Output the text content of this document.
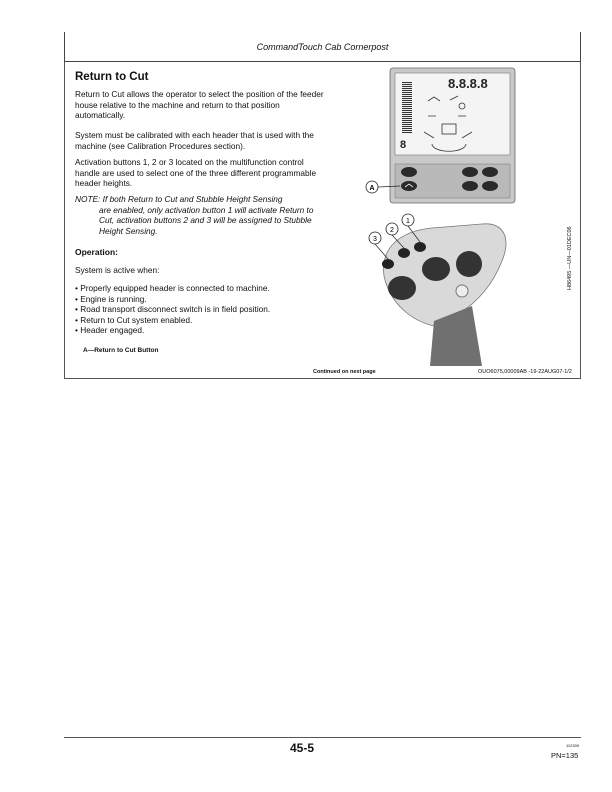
CommandTouch Cab Cornerpost
Return to Cut

Return to Cut allows the operator to select the position of the feeder house relative to the machine and return to that position automatically.

System must be calibrated with each header that is used with the machine (see Calibration Procedures section).

Activation buttons 1, 2 or 3 located on the multifunction control handle are used to select one of the three different programmable header heights.

NOTE: If both Return to Cut and Stubble Height Sensing
are enabled, only activation button 1 will activate Return to Cut, activation buttons 2 and 3 will be assigned to Stubble Height Sensing.
Operation:

System is active when:

• Properly equipped header is connected to machine.
• Engine is running.
• Road transport disconnect switch is in field position.
• Return to Cut system enabled.
• Header engaged.
A—Return to Cut Button
8.8.8.8
8
A
1
2
3	H86495 —UN—01DEC06
Continued on next page	OUO6075,00009AB -19-22AUG07-1/2
45-5	112309
PN=135
